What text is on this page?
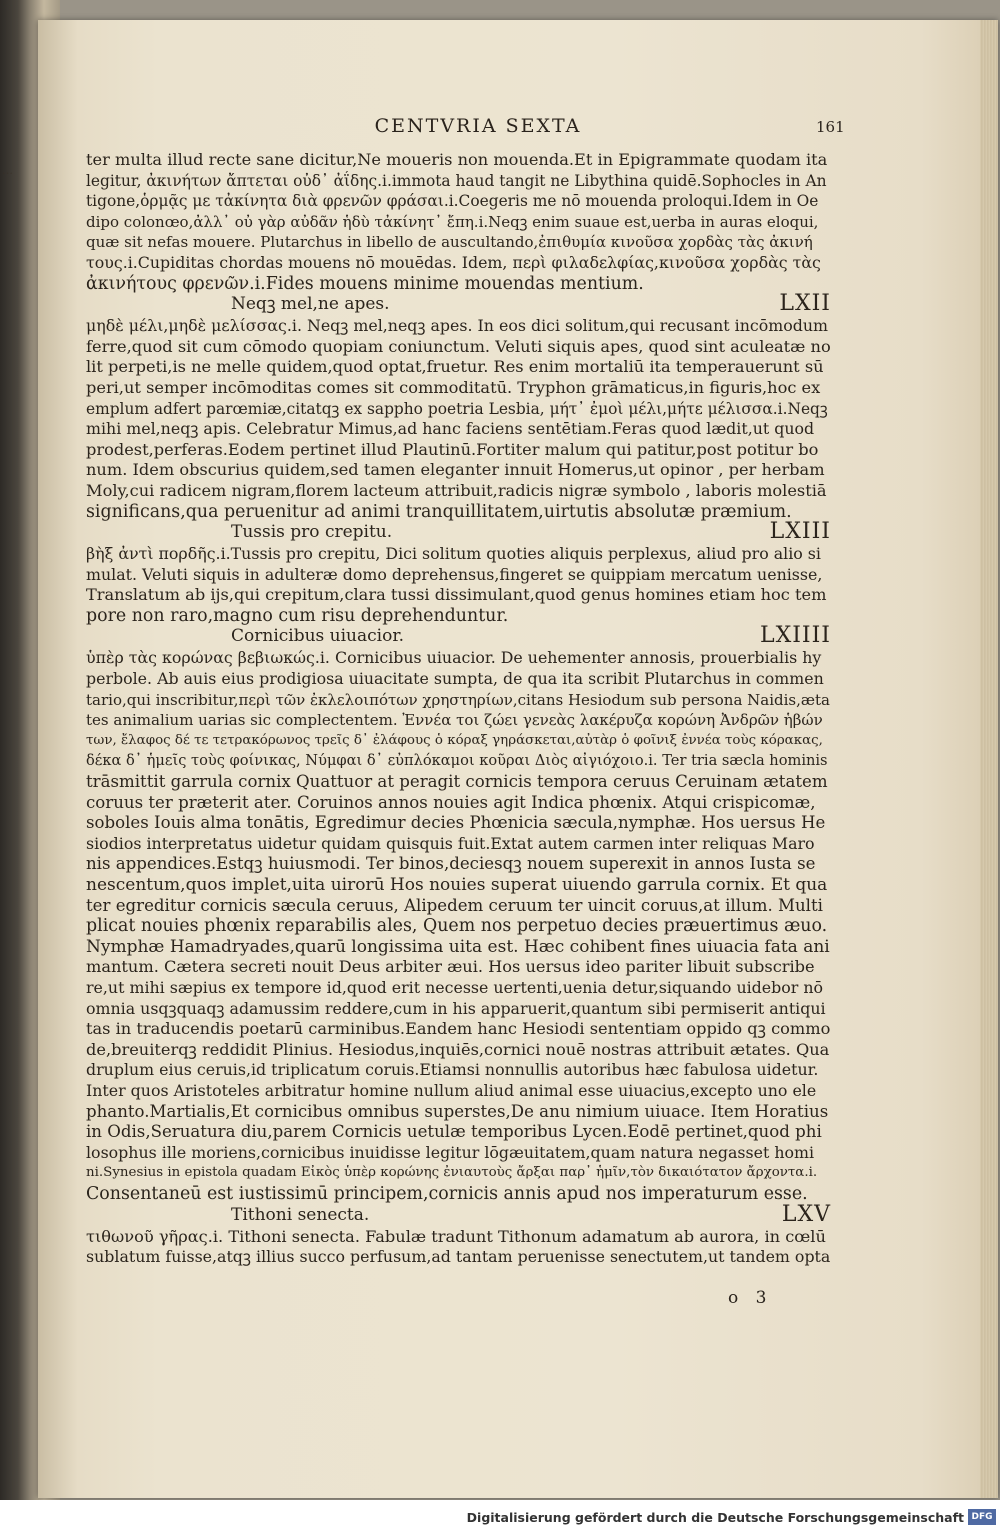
…
CENTVRIA SEXTA	161
ter multa illud recte sane dicitur,Ne moueris non mouenda.Et in Epigrammate quodam ita
legitur, ἀκινήτων ἄπτεται οὐδ᾽ ἀΐδης.i.immota haud tangit ne Libythina quidē.Sophocles in An
tigone,ὁρμᾷς με τἀκίνητα διὰ φρενῶν φράσαι.i.Coegeris me nō mouenda proloqui.Idem in Oe
dipo colonœo,ἀλλ᾽ οὐ γὰρ αὐδᾶν ἡδὺ τἀκίνητ᾽ ἔπη.i.Neqꝫ enim suaue est,uerba in auras eloqui,
quæ sit nefas mouere. Plutarchus in libello de auscultando,ἐπιθυμία κινοῦσα χορδὰς τὰς ἀκινή
τους.i.Cupiditas chordas mouens nō mouēdas. Idem, περὶ φιλαδελφίας,κινοῦσα χορδὰς τὰς
ἀκινήτους φρενῶν.i.Fides mouens minime mouendas mentium.
Neqꝫ mel,ne apes.	LXII
μηδὲ μέλι,μηδὲ μελίσσας.i. Neqꝫ mel,neqꝫ apes. In eos dici solitum,qui recusant incōmodum
ferre,quod sit cum cōmodo quopiam coniunctum. Veluti siquis apes, quod sint aculeatæ no
lit perpeti,is ne melle quidem,quod optat,fruetur. Res enim mortaliū ita temperauerunt sū
peri,ut semper incōmoditas comes sit commoditatū. Tryphon grāmaticus,in figuris,hoc ex
emplum adfert parœmiæ,citatqꝫ ex sappho poetria Lesbia, μήτ᾽ ἐμοὶ μέλι,μήτε μέλισσα.i.Neqꝫ
mihi mel,neqꝫ apis. Celebratur Mimus,ad hanc faciens sentētiam.Feras quod lædit,ut quod
prodest,perferas.Eodem pertinet illud Plautinū.Fortiter malum qui patitur,post potitur bo
num. Idem obscurius quidem,sed tamen eleganter innuit Homerus,ut opinor , per herbam
Moly,cui radicem nigram,florem lacteum attribuit,radicis nigræ symbolo , laboris molestiā
significans,qua peruenitur ad animi tranquillitatem,uirtutis absolutæ præmium.
Tussis pro crepitu.	LXIII
βὴξ ἀντὶ πορδῆς.i.Tussis pro crepitu, Dici solitum quoties aliquis perplexus, aliud pro alio si
mulat. Veluti siquis in adulteræ domo deprehensus,fingeret se quippiam mercatum uenisse,
Translatum ab ijs,qui crepitum,clara tussi dissimulant,quod genus homines etiam hoc tem
pore non raro,magno cum risu deprehenduntur.
Cornicibus uiuacior.	LXIIII
ὑπὲρ τὰς κορώνας βεβιωκώς.i. Cornicibus uiuacior. De uehementer annosis, prouerbialis hy
perbole. Ab auis eius prodigiosa uiuacitate sumpta, de qua ita scribit Plutarchus in commen
tario,qui inscribitur,περὶ τῶν ἐκλελοιπότων χρηστηρίων,citans Hesiodum sub persona Naidis,æta
tes animalium uarias sic complectentem. Ἐννέα τοι ζώει γενεὰς λακέρυζα κορώνη Ἀνδρῶν ἡβών
των, ἔλαφος δέ τε τετρακόρωνος τρεῖς δ᾽ ἐλάφους ὁ κόραξ γηράσκεται,αὐτὰρ ὁ φοῖνιξ ἐννέα τοὺς κόρακας,
δέκα δ᾽ ἡμεῖς τοὺς φοίνικας, Νύμφαι δ᾽ εὐπλόκαμοι κοῦραι Διὸς αἰγιόχοιο.i. Ter tria sæcla hominis
trāsmittit garrula cornix Quattuor at peragit cornicis tempora ceruus Ceruinam ætatem
coruus ter præterit ater. Coruinos annos nouies agit Indica phœnix. Atqui crispicomæ,
soboles Iouis alma tonātis, Egredimur decies Phœnicia sæcula,nymphæ. Hos uersus He
siodios interpretatus uidetur quidam quisquis fuit.Extat autem carmen inter reliquas Maro
nis appendices.Estqꝫ huiusmodi. Ter binos,deciesqꝫ nouem superexit in annos Iusta se
nescentum,quos implet,uita uirorū Hos nouies superat uiuendo garrula cornix. Et qua
ter egreditur cornicis sæcula ceruus, Alipedem ceruum ter uincit coruus,at illum. Multi
plicat nouies phœnix reparabilis ales, Quem nos perpetuo decies præuertimus æuo.
Nymphæ Hamadryades,quarū longissima uita est. Hæc cohibent fines uiuacia fata ani
mantum. Cætera secreti nouit Deus arbiter æui. Hos uersus ideo pariter libuit subscribe
re,ut mihi sæpius ex tempore id,quod erit necesse uertenti,uenia detur,siquando uidebor nō
omnia usqꝫquaqꝫ adamussim reddere,cum in his apparuerit,quantum sibi permiserit antiqui
tas in traducendis poetarū carminibus.Eandem hanc Hesiodi sententiam oppido qꝫ commo
de,breuiterqꝫ reddidit Plinius. Hesiodus,inquiēs,cornici nouē nostras attribuit ætates. Qua
druplum eius ceruis,id triplicatum coruis.Etiamsi nonnullis autoribus hæc fabulosa uidetur.
Inter quos Aristoteles arbitratur homine nullum aliud animal esse uiuacius,excepto uno ele
phanto.Martialis,Et cornicibus omnibus superstes,De anu nimium uiuace. Item Horatius
in Odis,Seruatura diu,parem Cornicis uetulæ temporibus Lycen.Eodē pertinet,quod phi
losophus ille moriens,cornicibus inuidisse legitur lōgæuitatem,quam natura negasset homi
ni.Synesius in epistola quadam Εἰκὸς ὑπὲρ κορώνης ἐνιαυτοὺς ἄρξαι παρ᾽ ἡμῖν,τὸν δικαιότατον ἄρχοντα.i.
Consentaneū est iustissimū principem,cornicis annis apud nos imperaturum esse.
Tithoni senecta.	LXV
τιθωνοῦ γῆρας.i. Tithoni senecta. Fabulæ tradunt Tithonum adamatum ab aurora, in cœlū
sublatum fuisse,atqꝫ illius succo perfusum,ad tantam peruenisse senectutem,ut tandem opta
o 3
Digitalisierung gefördert durch die Deutsche Forschungsgemeinschaft DFG
